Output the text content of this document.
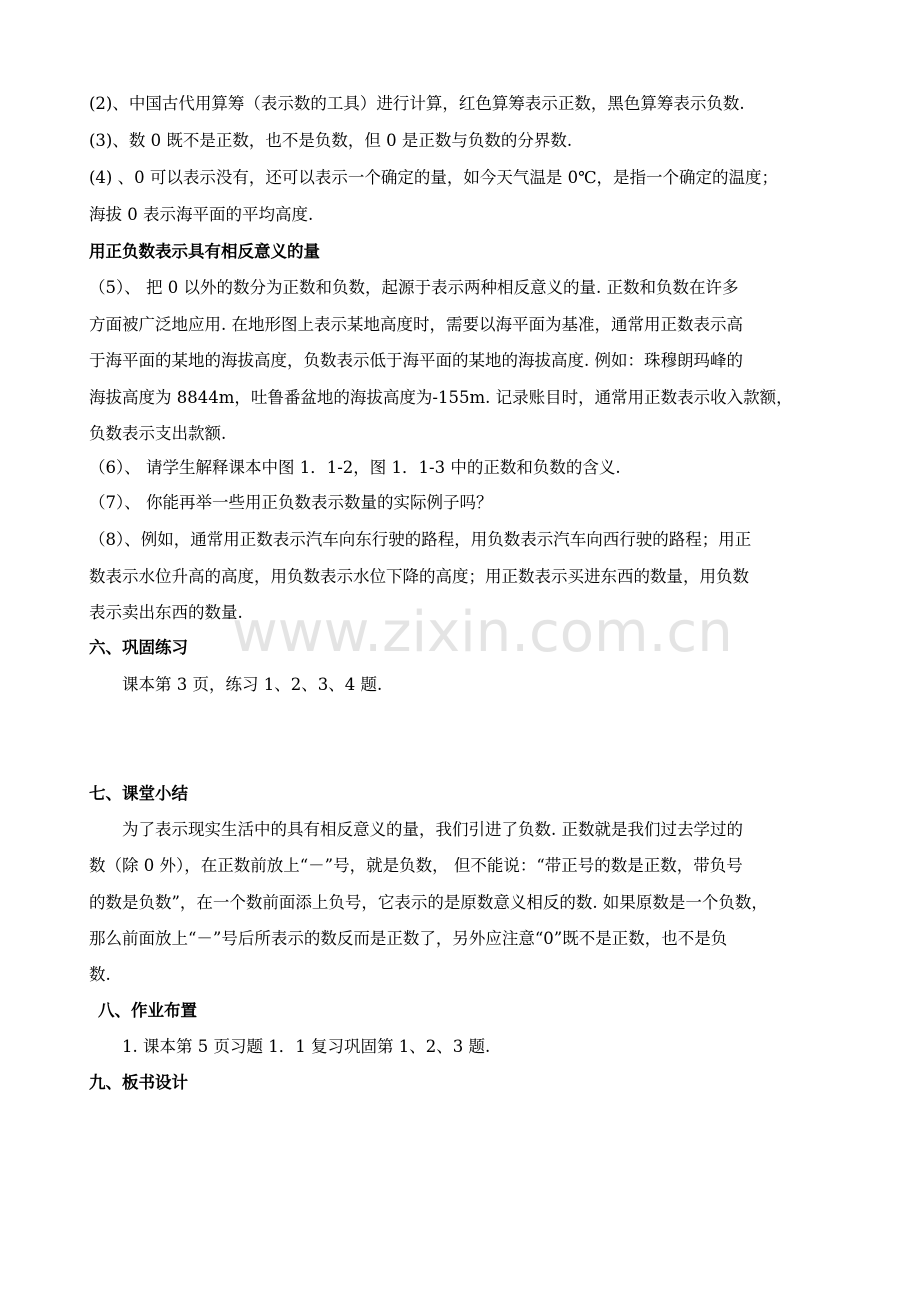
www.zixin.com.cn
(2)、中国古代用算筹（表示数的工具）进行计算，红色算筹表示正数，黑色算筹表示负数.
(3)、数 0 既不是正数，也不是负数，但 0 是正数与负数的分界数.
(4) 、0 可以表示没有，还可以表示一个确定的量，如今天气温是 0℃，是指一个确定的温度；
海拔 0 表示海平面的平均高度.
用正负数表示具有相反意义的量
（5）、 把 0 以外的数分为正数和负数，起源于表示两种相反意义的量. 正数和负数在许多
方面被广泛地应用. 在地形图上表示某地高度时，需要以海平面为基准，通常用正数表示高
于海平面的某地的海拔高度，负数表示低于海平面的某地的海拔高度. 例如：珠穆朗玛峰的
海拔高度为 8844m，吐鲁番盆地的海拔高度为-155m. 记录账目时，通常用正数表示收入款额，
负数表示支出款额.
（6）、 请学生解释课本中图 1．1-2，图 1．1-3 中的正数和负数的含义.
（7）、 你能再举一些用正负数表示数量的实际例子吗？
（8）、例如，通常用正数表示汽车向东行驶的路程，用负数表示汽车向西行驶的路程；用正
数表示水位升高的高度，用负数表示水位下降的高度；用正数表示买进东西的数量，用负数
表示卖出东西的数量.
六、巩固练习
课本第 3 页，练习 1、2、3、4 题.
七、课堂小结
为了表示现实生活中的具有相反意义的量，我们引进了负数. 正数就是我们过去学过的
数（除 0 外），在正数前放上“－”号，就是负数， 但不能说：“带正号的数是正数，带负号
的数是负数”，在一个数前面添上负号，它表示的是原数意义相反的数. 如果原数是一个负数，
那么前面放上“－”号后所表示的数反而是正数了，另外应注意“0”既不是正数，也不是负
数.
八、作业布置
1. 课本第 5 页习题 1．1 复习巩固第 1、2、3 题.
九、板书设计
